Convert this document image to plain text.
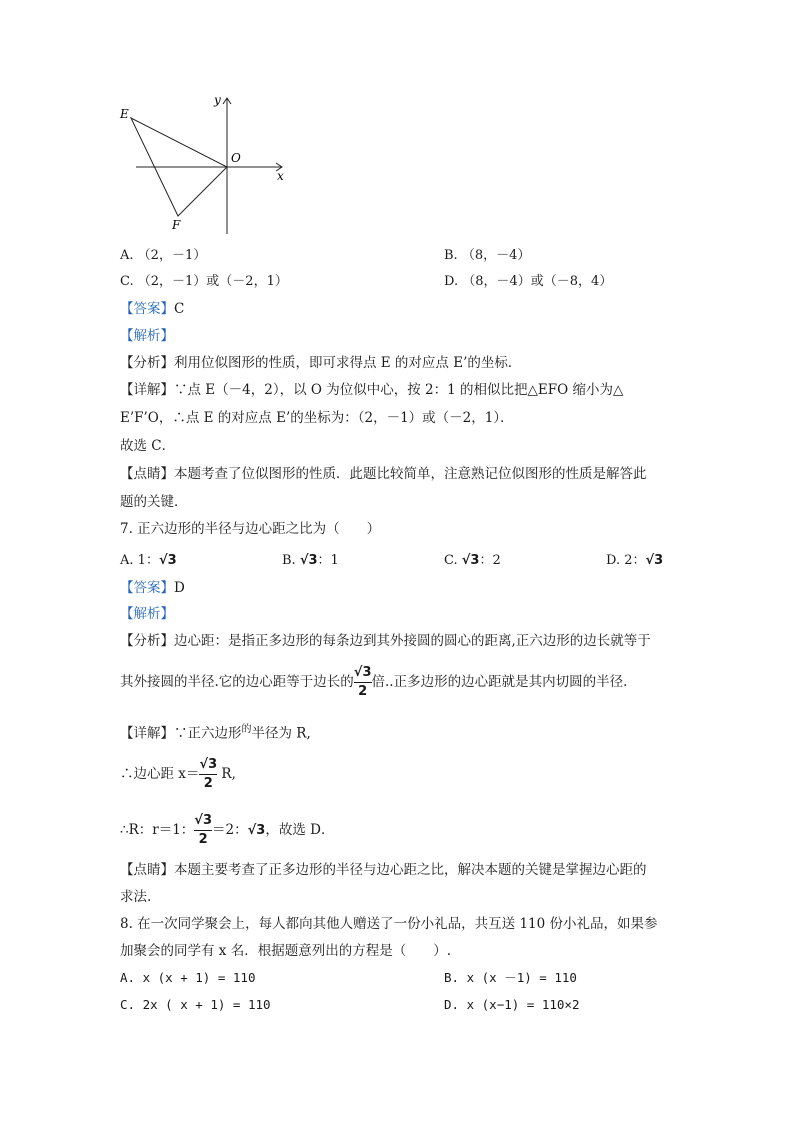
E
F
O
x
y
A. （2，－1）	B. （8，－4）
C. （2，－1）或（－2，1）	D. （8，－4）或（－8，4）
【答案】C
【解析】
【分析】利用位似图形的性质，即可求得点 E 的对应点 E’的坐标．
【详解】∵点 E（－4，2），以 O 为位似中心，按 2：1 的相似比把△EFO 缩小为△
E’F’O，∴点 E 的对应点 E’的坐标为：（2，－1）或（－2，1）．
故选 C．
【点睛】本题考查了位似图形的性质．此题比较简单，注意熟记位似图形的性质是解答此
题的关键．
7. 正六边形的半径与边心距之比为（　　）
A. 1：√3	B. √3：1	C. √3：2	D. 2：√3
【答案】D
【解析】
【分析】边心距：是指正多边形的每条边到其外接圆的圆心的距离,正六边形的边长就等于
其外接圆的半径.它的边心距等于边长的 $\frac{√3}{2}$ 倍..正多边形的边心距就是其内切圆的半径.
【详解】∵正六边形$^的$半径为 R,
∴边心距 $x= \frac{√3}{2} R$,
∴R：r＝1： $\frac{√3}{2} =2$：√3，故选 D．
【点睛】本题主要考查了正多边形的半径与边心距之比，解决本题的关键是掌握边心距的
求法.
8. 在一次同学聚会上，每人都向其他人赠送了一份小礼品，共互送 110 份小礼品，如果参
加聚会的同学有 x 名．根据题意列出的方程是（　　）.
A. x (x + 1) = 110	B. x (x －1) = 110
C. 2x ( x + 1) = 110	D. x (x−1) = 110×2
